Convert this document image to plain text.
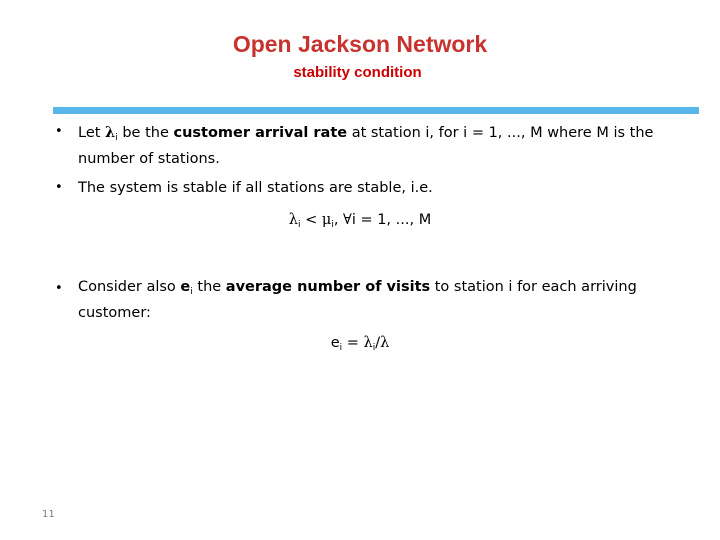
Open Jackson Network
stability condition
• Let $\lambda_i$ be the customer arrival rate at station i, for i = 1, ..., M where M is the number of stations.
• The system is stable if all stations are stable, i.e.
$\lambda_i < \mu_i$, ∀i = 1, ..., M
• Consider also $e_i$ the average number of visits to station i for each arriving customer:
$e_i = \lambda_i/\lambda$
11
